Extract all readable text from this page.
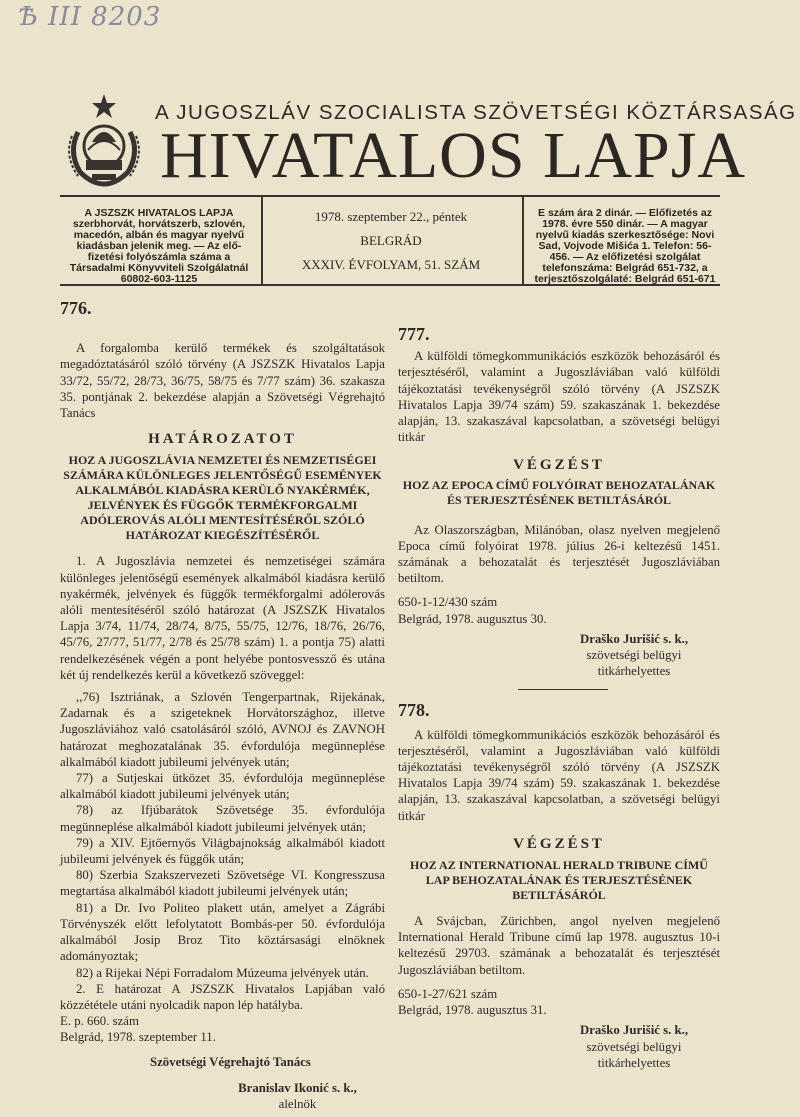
Ѣ ІІІ 8203
A JUGOSZLÁV SZOCIALISTA SZÖVETSÉGI KÖZTÁRSASÁG
HIVATALOS LAPJA
A JSZSZK HIVATALOS LAPJA szerbhorvát, horvátszerb, szlovén, macedón, albán és magyar nyelvű kiadásban jelenik meg. — Az elő-fizetési folyószámla száma a Társadalmi Könyvviteli Szolgálatnál 60802-603-1125
1978. szeptember 22., péntek
BELGRÁD
XXXIV. ÉVFOLYAM, 51. SZÁM
E szám ára 2 dinár. — Előfizetés az 1978. évre 550 dinár. — A magyar nyelvű kiadás szerkesztősége: Novi Sad, Vojvode Mišića 1. Telefon: 56-456. — Az előfizetési szolgálat telefonszáma: Belgrád 651-732, a terjesztőszolgálaté: Belgrád 651-671
776.

A forgalomba kerülő termékek és szolgáltatások megadóztatásáról szóló törvény (A JSZSZK Hivatalos Lapja 33/72, 55/72, 28/73, 36/75, 58/75 és 7/77 szám) 36. szakasza 35. pontjának 2. bekezdése alapján a Szövetségi Végrehajtó Tanács

HATÁROZATOT
HOZ A JUGOSZLÁVIA NEMZETEI ÉS NEMZETISÉGEI SZÁMÁRA KÜLÖNLEGES JELENTŐSÉGŰ ESEMÉNYEK ALKALMÁBÓL KIADÁSRA KERÜLŐ NYAKÉRMÉK, JELVÉNYEK ÉS FÜGGŐK TERMÉKFORGALMI ADÓLEROVÁS ALÓLI MENTESÍTÉSÉRŐL SZÓLÓ HATÁROZAT KIEGÉSZÍTÉSÉRŐL

1. A Jugoszlávia nemzetei és nemzetiségei számára különleges jelentőségű események alkalmából kiadásra kerülő nyakérmék, jelvények és függők termékforgalmi adólerovás alóli mentesítéséről szóló határozat (A JSZSZK Hivatalos Lapja 3/74, 11/74, 28/74, 8/75, 55/75, 12/76, 18/76, 26/76, 45/76, 27/77, 51/77, 2/78 és 25/78 szám) 1. a pontja 75) alatti rendelkezésének végén a pont helyébe pontosvessző és utána két új rendelkezés kerül a következő szöveggel:

,,76) Isztriának, a Szlovén Tengerpartnak, Rijekának, Zadarnak és a szigeteknek Horvátországhoz, illetve Jugoszláviához való csatolásáról szóló, AVNOJ és ZAVNOH határozat meghozatalának 35. évfordulója megünneplése alkalmából kiadott jubileumi jelvények után;

77) a Sutjeskai ütközet 35. évfordulója megünneplése alkalmából kiadott jubileumi jelvények után;

78) az Ifjúbarátok Szövetsége 35. évfordulója megünneplése alkalmából kiadott jubileumi jelvények után;

79) a XIV. Ejtőernyős Világbajnokság alkalmából kiadott jubileumi jelvények és függők után;

80) Szerbia Szakszervezeti Szövetsége VI. Kongresszusa megtartása alkalmából kiadott jubileumi jelvények után;

81) a Dr. Ivo Politeo plakett után, amelyet a Zágrábi Törvényszék előtt lefolytatott Bombás-per 50. évfordulója alkalmából Josip Broz Tito köztársasági elnöknek adományoztak;

82) a Rijekai Népi Forradalom Múzeuma jelvények után.

2. E határozat A JSZSZK Hivatalos Lapjában való közzététele utáni nyolcadik napon lép hatályba.

E. p. 660. szám
Belgrád, 1978. szeptember 11.
Szövetségi Végrehajtó Tanács
Branislav Ikonić s. k.,
alelnök
777.

A külföldi tömegkommunikációs eszközök behozásáról és terjesztéséről, valamint a Jugoszláviában való külföldi tájékoztatási tevékenységről szóló törvény (A JSZSZK Hivatalos Lapja 39/74 szám) 59. szakaszának 1. bekezdése alapján, 13. szakaszával kapcsolatban, a szövetségi belügyi titkár

VÉGZÉST
HOZ AZ EPOCA CÍMŰ FOLYÓIRAT BEHOZATALÁNAK ÉS TERJESZTÉSÉNEK BETILTÁSÁRÓL

Az Olaszországban, Milánóban, olasz nyelven megjelenő Epoca című folyóirat 1978. július 26-i keltezésű 1451. számának a behozatalát és terjesztését Jugoszláviában betiltom.

650-1-12/430 szám
Belgrád, 1978. augusztus 30.
Draško Jurišić s. k.,
szövetségi belügyi
titkárhelyettes
778.

A külföldi tömegkommunikációs eszközök behozásáról és terjesztéséről, valamint a Jugoszláviában való külföldi tájékoztatási tevékenységről szóló törvény (A JSZSZK Hivatalos Lapja 39/74 szám) 59. szakaszának 1. bekezdése alapján, 13. szakaszával kapcsolatban, a szövetségi belügyi titkár

VÉGZÉST
HOZ AZ INTERNATIONAL HERALD TRIBUNE CÍMŰ LAP BEHOZATALÁNAK ÉS TERJESZTÉSÉNEK BETILTÁSÁRÓL

A Svájcban, Zürichben, angol nyelven megjelenő International Herald Tribune című lap 1978. augusztus 10-i keltezésű 29703. számának a behozatalát és terjesztését Jugoszláviában betiltom.

650-1-27/621 szám
Belgrád, 1978. augusztus 31.
Draško Jurišić s. k.,
szövetségi belügyi
titkárhelyettes
